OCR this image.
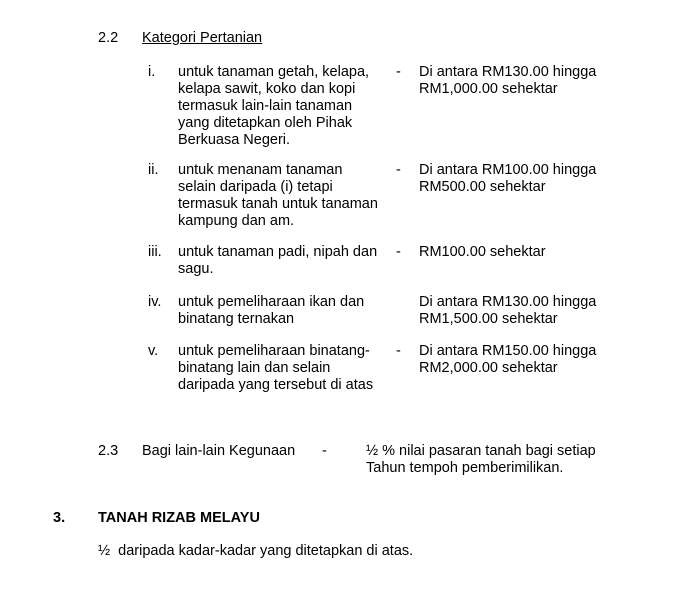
2.2 Kategori Pertanian
i. untuk tanaman getah, kelapa,
kelapa sawit, koko dan kopi
termasuk lain-lain tanaman
yang ditetapkan oleh Pihak
Berkuasa Negeri.
- Di antara RM130.00 hingga
RM1,000.00 sehektar
ii. untuk menanam tanaman
selain daripada (i) tetapi
termasuk tanah untuk tanaman
kampung dan am.
- Di antara RM100.00 hingga
RM500.00 sehektar
iii. untuk tanaman padi, nipah dan
sagu.
- RM100.00 sehektar
iv. untuk pemeliharaan ikan dan
binatang ternakan
Di antara RM130.00 hingga
RM1,500.00 sehektar
v. untuk pemeliharaan binatang-
binatang lain dan selain
daripada yang tersebut di atas
- Di antara RM150.00 hingga
RM2,000.00 sehektar
2.3 Bagi lain-lain Kegunaan -	½ % nilai pasaran tanah bagi setiap
Tahun tempoh pemberimilikan.
3. TANAH RIZAB MELAYU
½  daripada kadar-kadar yang ditetapkan di atas.
